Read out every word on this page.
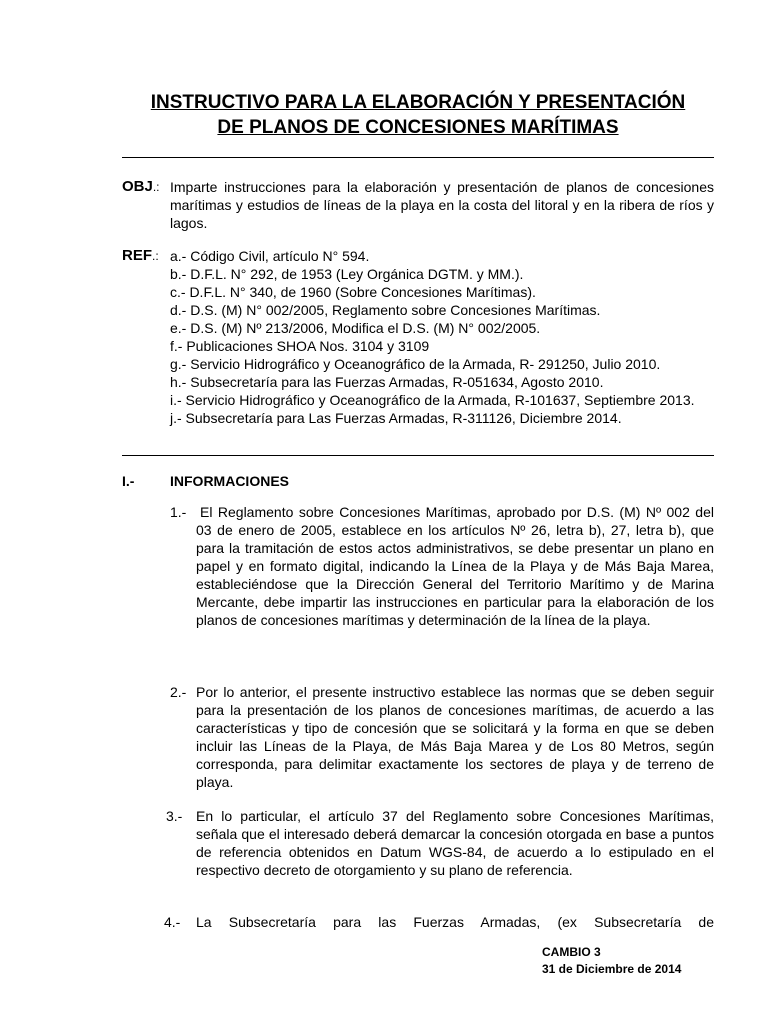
INSTRUCTIVO PARA LA ELABORACIÓN Y PRESENTACIÓN
DE PLANOS DE CONCESIONES MARÍTIMAS
OBJ.: Imparte instrucciones para la elaboración y presentación de planos de concesiones marítimas y estudios de líneas de la playa en la costa del litoral y en la ribera de ríos y lagos.
REF.: a.- Código Civil, artículo N° 594.
b.- D.F.L. N° 292, de 1953 (Ley Orgánica DGTM. y MM.).
c.- D.F.L. N° 340, de 1960 (Sobre Concesiones Marítimas).
d.- D.S. (M) N° 002/2005, Reglamento sobre Concesiones Marítimas.
e.- D.S. (M) Nº 213/2006, Modifica el D.S. (M) N° 002/2005.
f.- Publicaciones SHOA Nos. 3104 y 3109
g.- Servicio Hidrográfico y Oceanográfico de la Armada, R- 291250, Julio 2010.
h.- Subsecretaría para las Fuerzas Armadas, R-051634, Agosto 2010.
i.- Servicio Hidrográfico y Oceanográfico de la Armada, R-101637, Septiembre 2013.
j.- Subsecretaría para Las Fuerzas Armadas, R-311126, Diciembre 2014.
I.-	INFORMACIONES
1.- El Reglamento sobre Concesiones Marítimas, aprobado por D.S. (M) Nº 002 del 03 de enero de 2005, establece en los artículos Nº 26, letra b), 27, letra b), que para la tramitación de estos actos administrativos, se debe presentar un plano en papel y en formato digital, indicando la Línea de la Playa y de Más Baja Marea, estableciéndose que la Dirección General del Territorio Marítimo y de Marina Mercante, debe impartir las instrucciones en particular para la elaboración de los planos de concesiones marítimas y determinación de la línea de la playa.
2.- Por lo anterior, el presente instructivo establece las normas que se deben seguir para la presentación de los planos de concesiones marítimas, de acuerdo a las características y tipo de concesión que se solicitará y la forma en que se deben incluir las Líneas de la Playa, de Más Baja Marea y de Los 80 Metros, según corresponda, para delimitar exactamente los sectores de playa y de terreno de playa.
3.- En lo particular, el artículo 37 del Reglamento sobre Concesiones Marítimas, señala que el interesado deberá demarcar la concesión otorgada en base a puntos de referencia obtenidos en Datum WGS-84, de acuerdo a lo estipulado en el respectivo decreto de otorgamiento y su plano de referencia.
4.- La Subsecretaría para las Fuerzas Armadas, (ex Subsecretaría de
CAMBIO 3
31 de Diciembre de 2014
